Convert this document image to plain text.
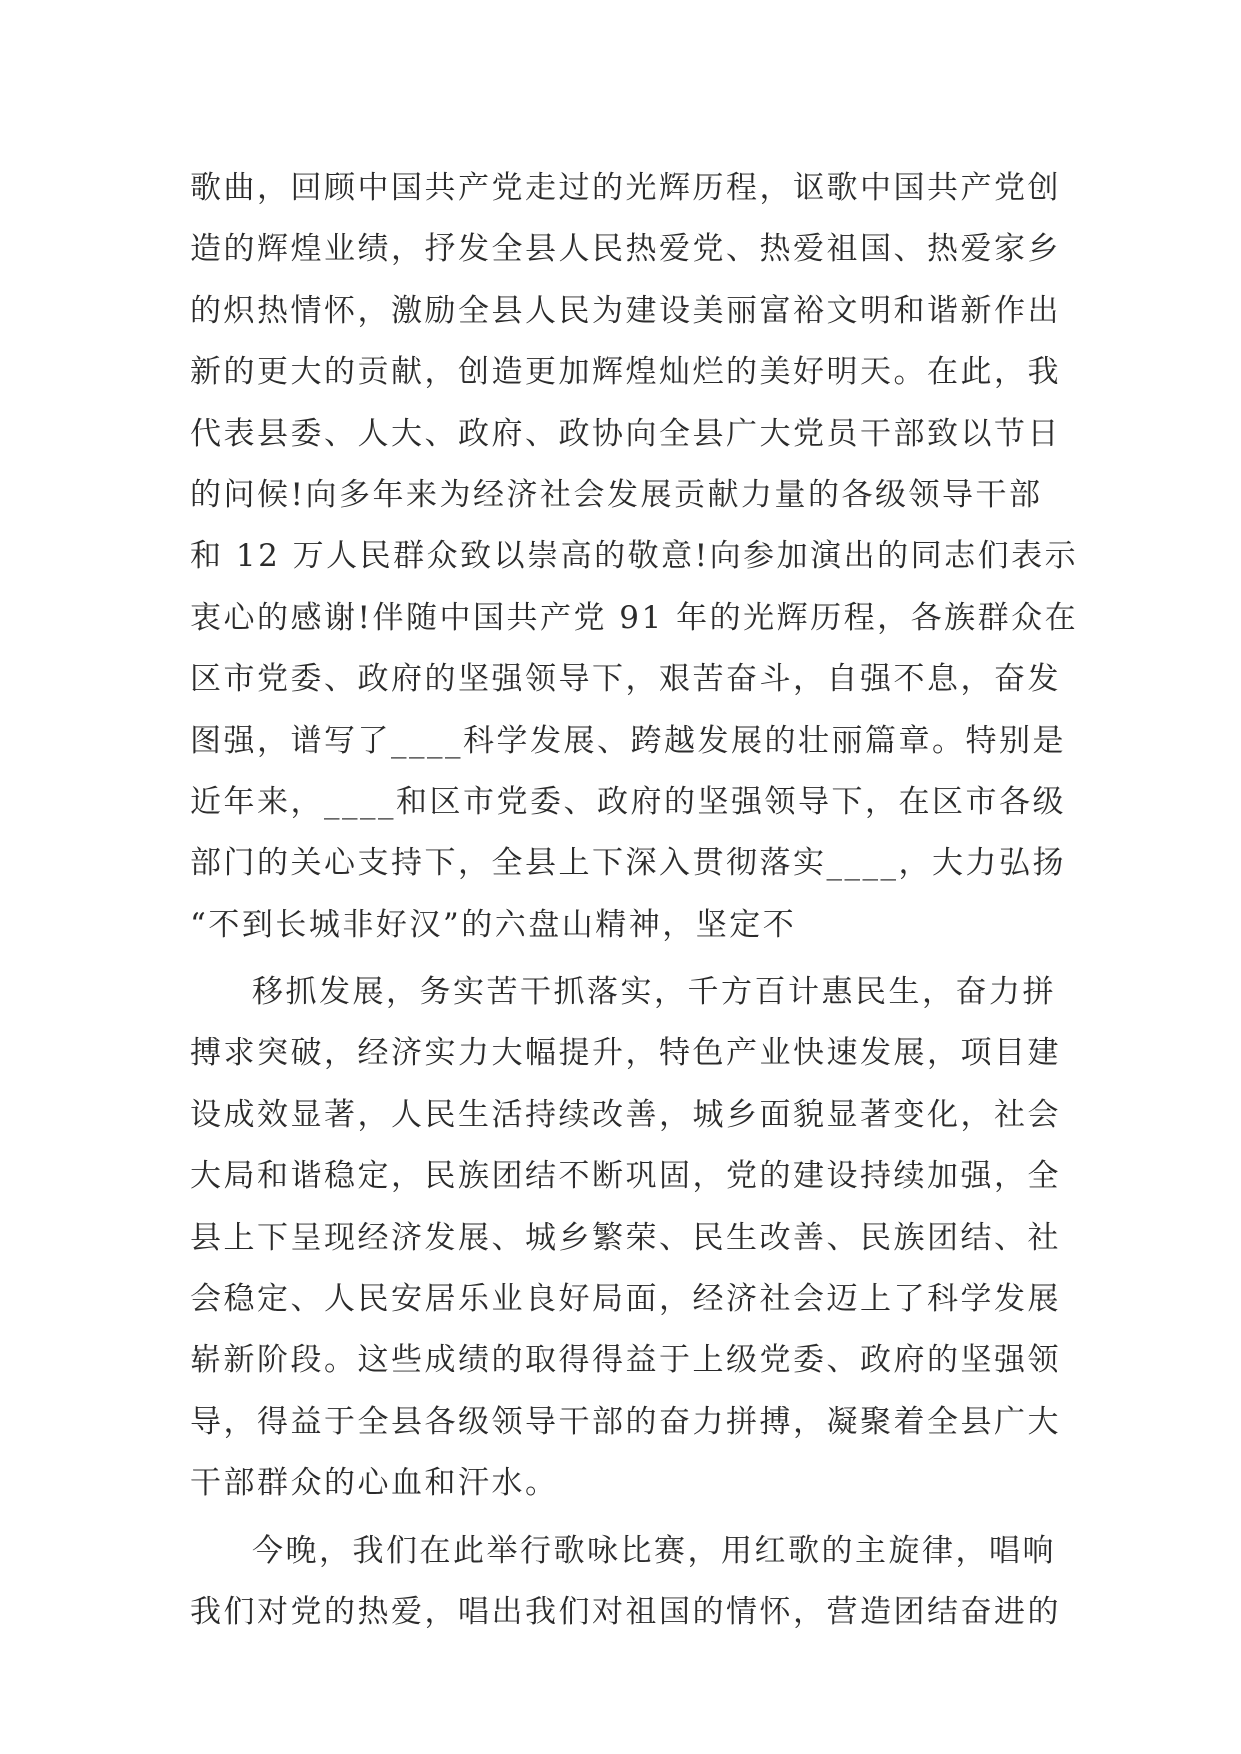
歌曲，回顾中国共产党走过的光辉历程，讴歌中国共产党创

造的辉煌业绩，抒发全县人民热爱党、热爱祖国、热爱家乡

的炽热情怀，激励全县人民为建设美丽富裕文明和谐新作出

新的更大的贡献，创造更加辉煌灿烂的美好明天。在此，我

代表县委、人大、政府、政协向全县广大党员干部致以节日

的问候!向多年来为经济社会发展贡献力量的各级领导干部

和 12 万人民群众致以崇高的敬意!向参加演出的同志们表示

衷心的感谢!伴随中国共产党 91 年的光辉历程，各族群众在

区市党委、政府的坚强领导下，艰苦奋斗，自强不息，奋发

图强，谱写了____科学发展、跨越发展的壮丽篇章。特别是

近年来，____和区市党委、政府的坚强领导下，在区市各级

部门的关心支持下，全县上下深入贯彻落实____，大力弘扬

“不到长城非好汉”的六盘山精神，坚定不

移抓发展，务实苦干抓落实，千方百计惠民生，奋力拼

搏求突破，经济实力大幅提升，特色产业快速发展，项目建

设成效显著，人民生活持续改善，城乡面貌显著变化，社会

大局和谐稳定，民族团结不断巩固，党的建设持续加强，全

县上下呈现经济发展、城乡繁荣、民生改善、民族团结、社

会稳定、人民安居乐业良好局面，经济社会迈上了科学发展

崭新阶段。这些成绩的取得得益于上级党委、政府的坚强领

导，得益于全县各级领导干部的奋力拼搏，凝聚着全县广大

干部群众的心血和汗水。

今晚，我们在此举行歌咏比赛，用红歌的主旋律，唱响

我们对党的热爱，唱出我们对祖国的情怀，营造团结奋进的
